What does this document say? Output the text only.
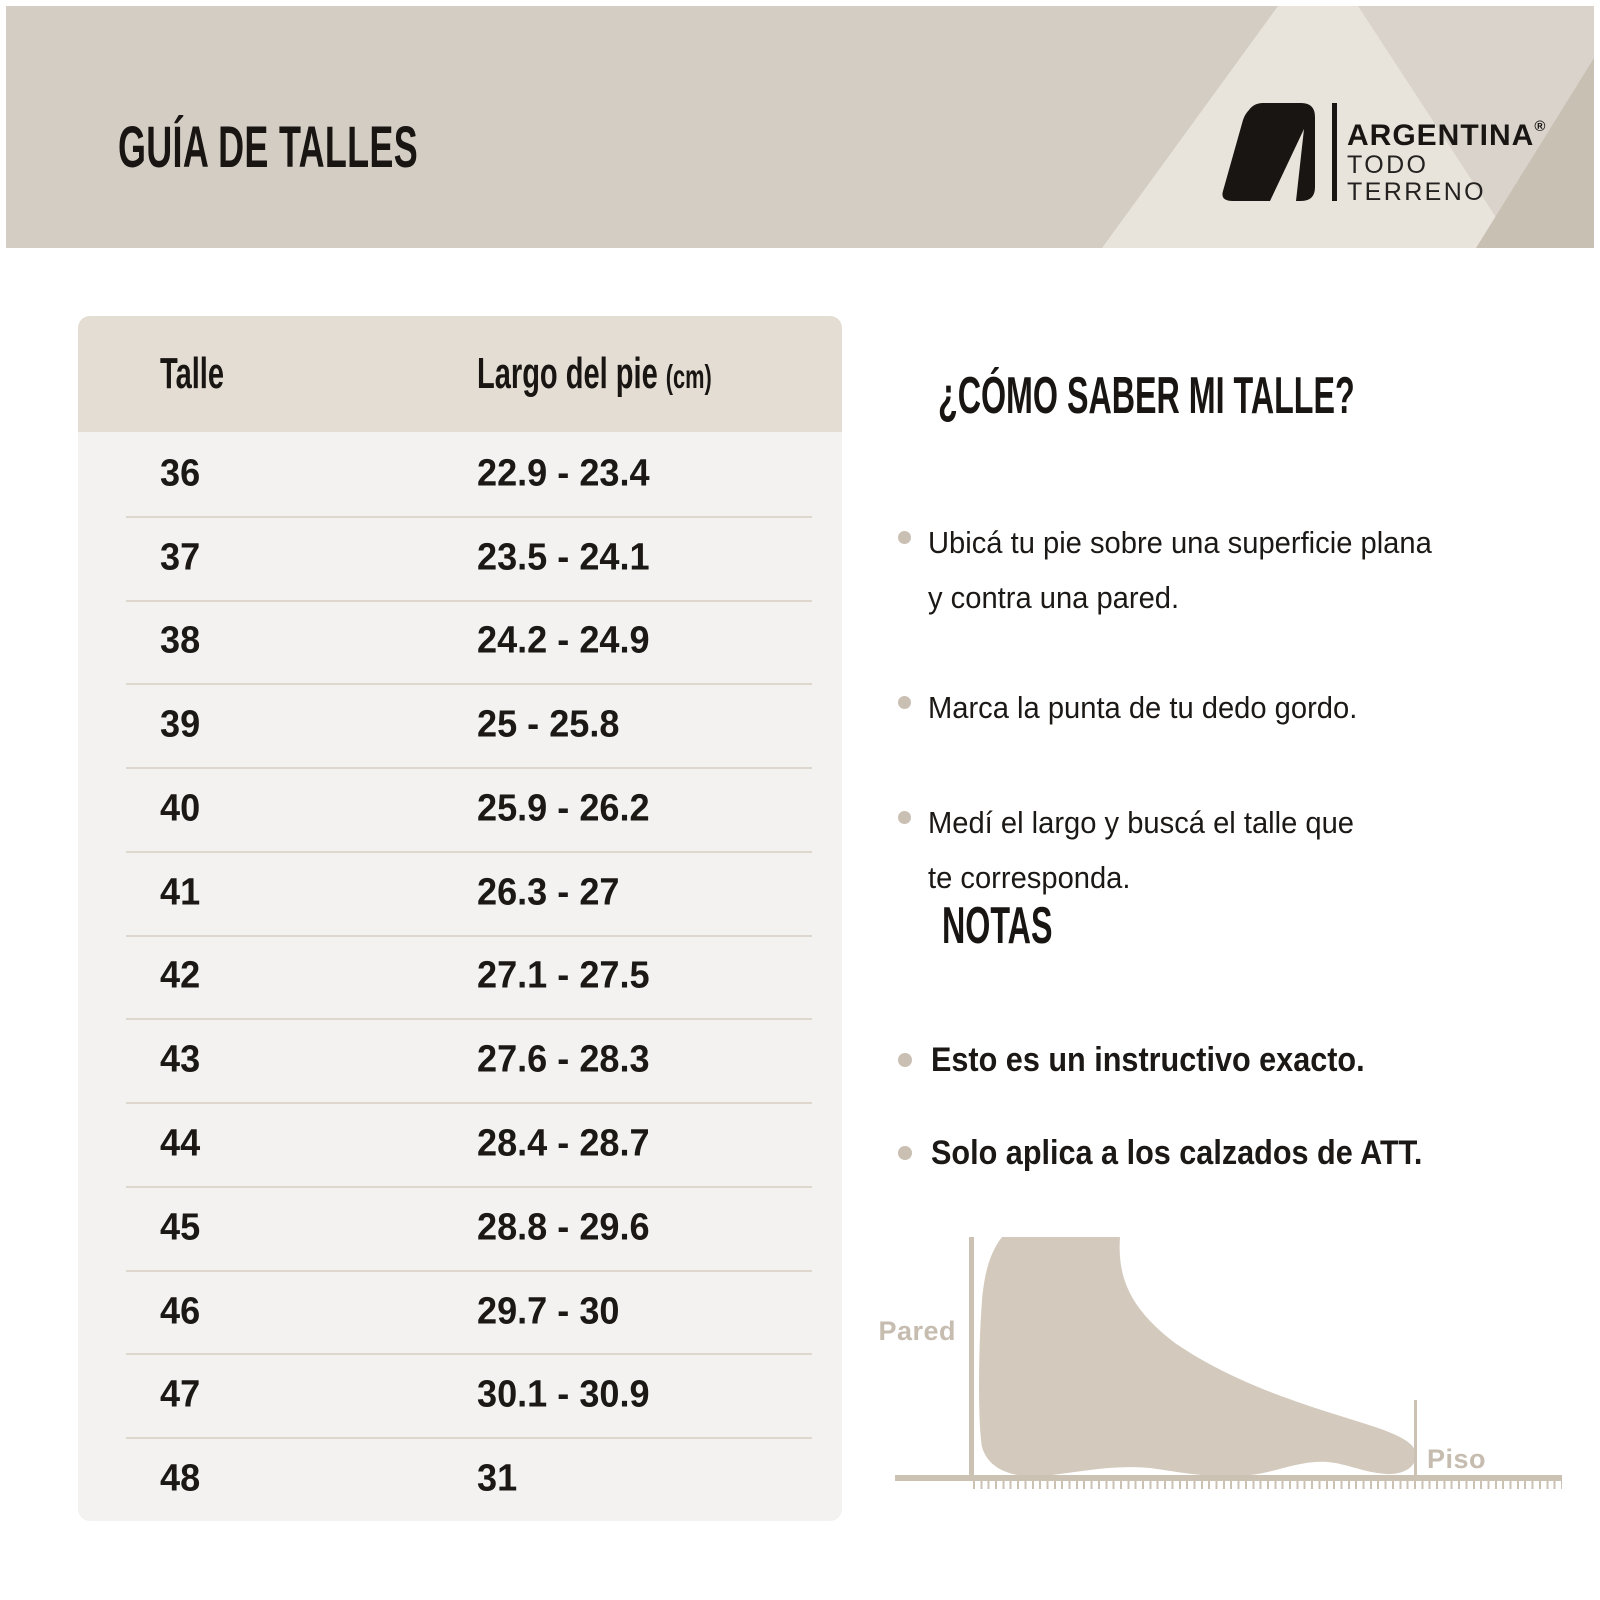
GUÍA DE TALLES	ARGENTINA®
TODO
TERRENO
Talle	Largo del pie (cm)
36	22.9 - 23.4
37	23.5 - 24.1
38	24.2 - 24.9
39	25 - 25.8
40	25.9 - 26.2
41	26.3 - 27
42	27.1 - 27.5
43	27.6 - 28.3
44	28.4 - 28.7
45	28.8 - 29.6
46	29.7 - 30
47	30.1 - 30.9
48	31
¿CÓMO SABER MI TALLE?
Ubicá tu pie sobre una superficie plana
y contra una pared.
Marca la punta de tu dedo gordo.
Medí el largo y buscá el talle que
te corresponda.
NOTAS
Esto es un instructivo exacto.
Solo aplica a los calzados de ATT.
Pared
Piso
